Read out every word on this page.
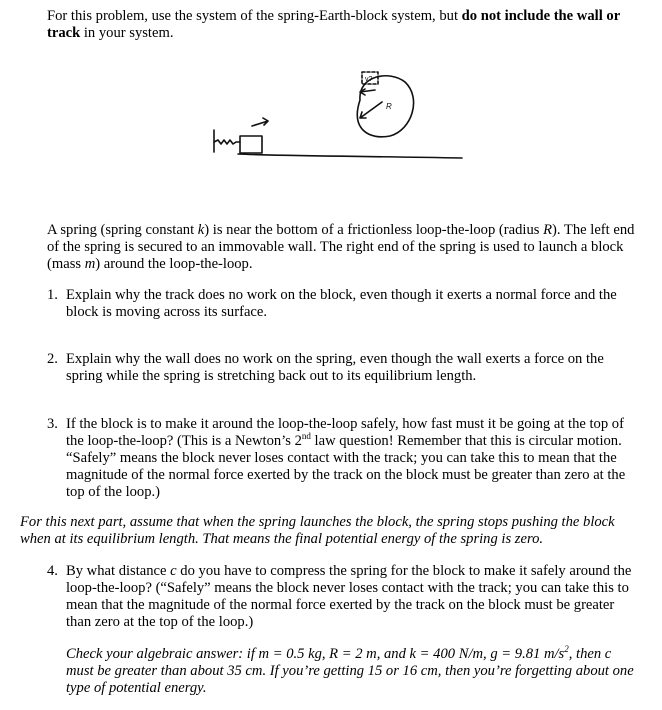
For this problem, use the system of the spring-Earth-block system, but do not include the wall or track in your system.
R
v?
A spring (spring constant k) is near the bottom of a frictionless loop-the-loop (radius R). The left end of the spring is secured to an immovable wall. The right end of the spring is used to launch a block (mass m) around the loop-the-loop.
1. Explain why the track does no work on the block, even though it exerts a normal force and the block is moving across its surface.
2. Explain why the wall does no work on the spring, even though the wall exerts a force on the spring while the spring is stretching back out to its equilibrium length.
3. If the block is to make it around the loop-the-loop safely, how fast must it be going at the top of the loop-the-loop? (This is a Newton’s 2nd law question! Remember that this is circular motion. “Safely” means the block never loses contact with the track; you can take this to mean that the magnitude of the normal force exerted by the track on the block must be greater than zero at the top of the loop.)
For this next part, assume that when the spring launches the block, the spring stops pushing the block when at its equilibrium length. That means the final potential energy of the spring is zero.
4. By what distance c do you have to compress the spring for the block to make it safely around the loop-the-loop? (“Safely” means the block never loses contact with the track; you can take this to mean that the magnitude of the normal force exerted by the track on the block must be greater than zero at the top of the loop.)
Check your algebraic answer: if m = 0.5 kg, R = 2 m, and k = 400 N/m, g = 9.81 $m/s^2$, then c must be greater than about 35 cm. If you’re getting 15 or 16 cm, then you’re forgetting about one type of potential energy.
